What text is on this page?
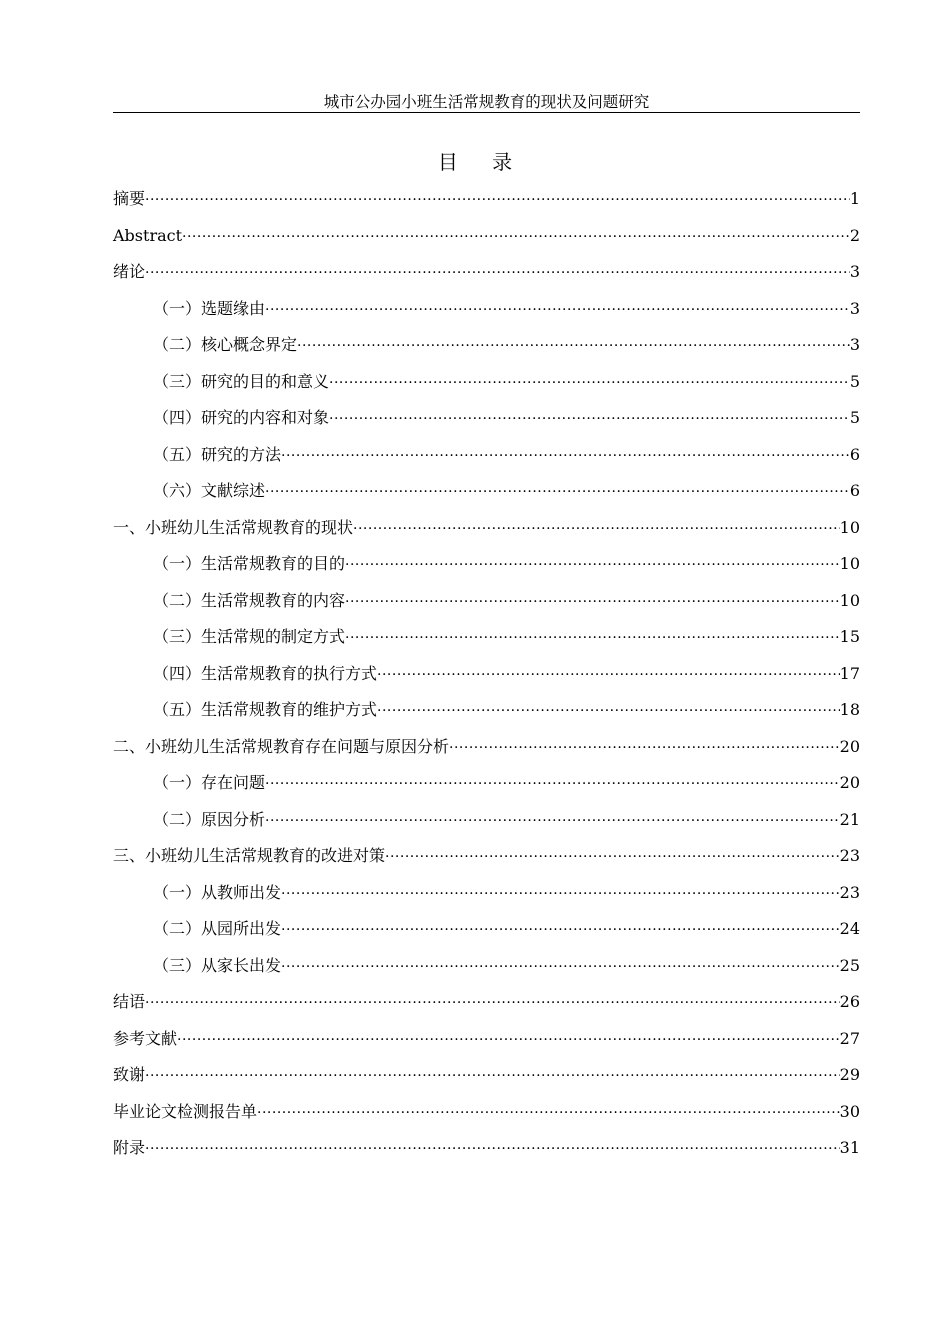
城市公办园小班生活常规教育的现状及问题研究
目 录
摘要 ·····	1
Abstract ·····	2
绪论 ·····	3
（一）选题缘由 ·····	3
（二）核心概念界定 ·····	3
（三）研究的目的和意义 ·····	5
（四）研究的内容和对象 ·····	5
（五）研究的方法 ·····	6
（六）文献综述 ·····	6
一、小班幼儿生活常规教育的现状 ·····	10
（一）生活常规教育的目的 ·····	10
（二）生活常规教育的内容 ·····	10
（三）生活常规的制定方式 ·····	15
（四）生活常规教育的执行方式 ·····	17
（五）生活常规教育的维护方式 ·····	18
二、小班幼儿生活常规教育存在问题与原因分析 ·····	20
（一）存在问题 ·····	20
（二）原因分析 ·····	21
三、小班幼儿生活常规教育的改进对策 ·····	23
（一）从教师出发 ·····	23
（二）从园所出发 ·····	24
（三）从家长出发 ·····	25
结语 ·····	26
参考文献 ·····	27
致谢 ·····	29
毕业论文检测报告单 ·····	30
附录 ·····	31
